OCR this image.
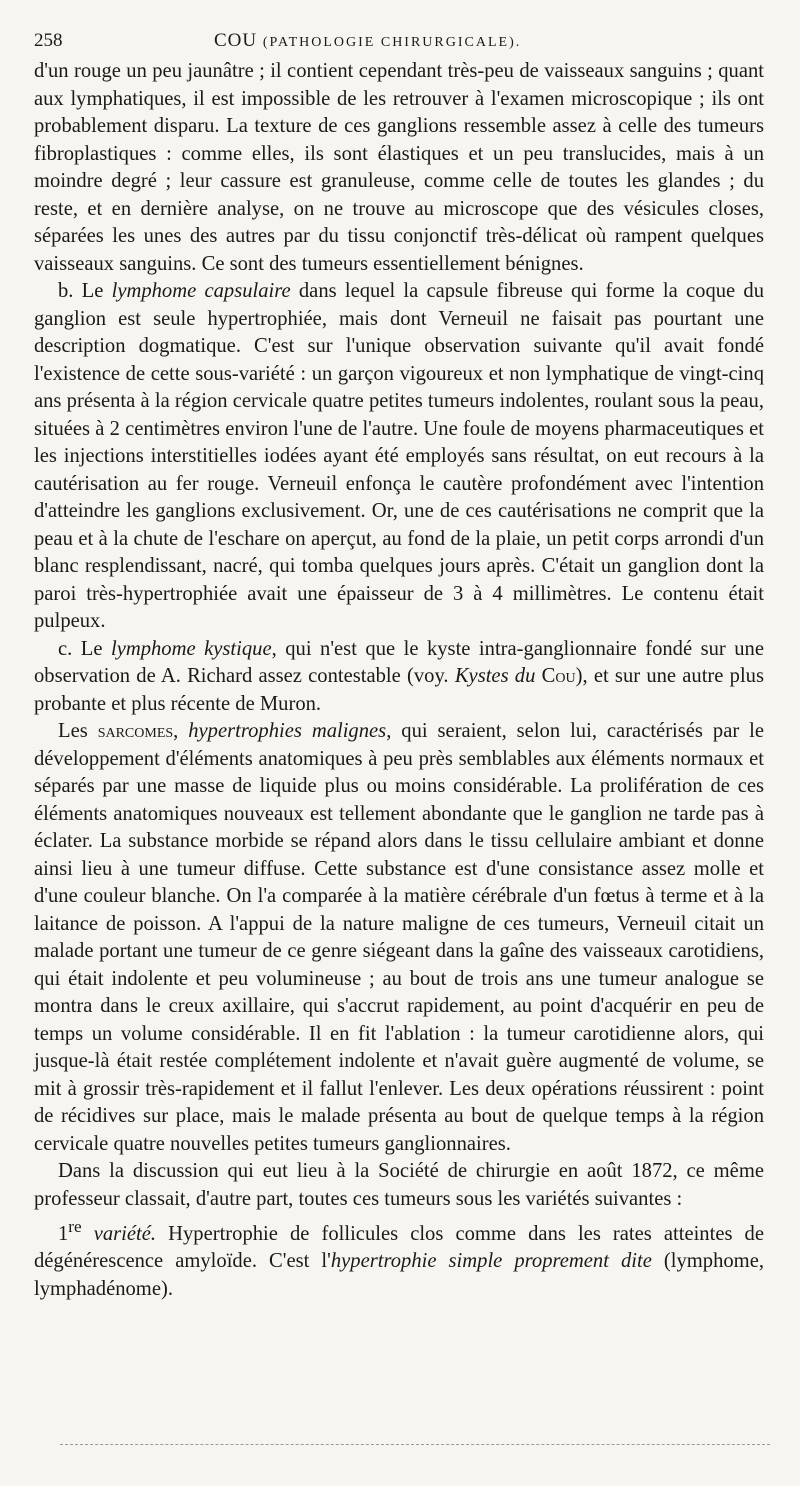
258	COU (PATHOLOGIE CHIRURGICALE).

d'un rouge un peu jaunâtre ; il contient cependant très-peu de vaisseaux sanguins ; quant aux lymphatiques, il est impossible de les retrouver à l'examen microscopique ; ils ont probablement disparu. La texture de ces ganglions ressemble assez à celle des tumeurs fibroplastiques : comme elles, ils sont élastiques et un peu translucides, mais à un moindre degré ; leur cassure est granuleuse, comme celle de toutes les glandes ; du reste, et en dernière analyse, on ne trouve au microscope que des vésicules closes, séparées les unes des autres par du tissu conjonctif très-délicat où rampent quelques vaisseaux sanguins. Ce sont des tumeurs essentiellement bénignes.

b. Le lymphome capsulaire dans lequel la capsule fibreuse qui forme la coque du ganglion est seule hypertrophiée, mais dont Verneuil ne faisait pas pourtant une description dogmatique. C'est sur l'unique observation suivante qu'il avait fondé l'existence de cette sous-variété : un garçon vigoureux et non lymphatique de vingt-cinq ans présenta à la région cervicale quatre petites tumeurs indolentes, roulant sous la peau, situées à 2 centimètres environ l'une de l'autre. Une foule de moyens pharmaceutiques et les injections interstitielles iodées ayant été employés sans résultat, on eut recours à la cautérisation au fer rouge. Verneuil enfonça le cautère profondément avec l'intention d'atteindre les ganglions exclusivement. Or, une de ces cautérisations ne comprit que la peau et à la chute de l'eschare on aperçut, au fond de la plaie, un petit corps arrondi d'un blanc resplendissant, nacré, qui tomba quelques jours après. C'était un ganglion dont la paroi très-hypertrophiée avait une épaisseur de 3 à 4 millimètres. Le contenu était pulpeux.

c. Le lymphome kystique, qui n'est que le kyste intra-ganglionnaire fondé sur une observation de A. Richard assez contestable (voy. Kystes du Cou), et sur une autre plus probante et plus récente de Muron.

Les sarcomes, hypertrophies malignes, qui seraient, selon lui, caractérisés par le développement d'éléments anatomiques à peu près semblables aux éléments normaux et séparés par une masse de liquide plus ou moins considérable. La prolifération de ces éléments anatomiques nouveaux est tellement abondante que le ganglion ne tarde pas à éclater. La substance morbide se répand alors dans le tissu cellulaire ambiant et donne ainsi lieu à une tumeur diffuse. Cette substance est d'une consistance assez molle et d'une couleur blanche. On l'a comparée à la matière cérébrale d'un fœtus à terme et à la laitance de poisson. A l'appui de la nature maligne de ces tumeurs, Verneuil citait un malade portant une tumeur de ce genre siégeant dans la gaîne des vaisseaux carotidiens, qui était indolente et peu volumineuse ; au bout de trois ans une tumeur analogue se montra dans le creux axillaire, qui s'accrut rapidement, au point d'acquérir en peu de temps un volume considérable. Il en fit l'ablation : la tumeur carotidienne alors, qui jusque-là était restée complétement indolente et n'avait guère augmenté de volume, se mit à grossir très-rapidement et il fallut l'enlever. Les deux opérations réussirent : point de récidives sur place, mais le malade présenta au bout de quelque temps à la région cervicale quatre nouvelles petites tumeurs ganglionnaires.

Dans la discussion qui eut lieu à la Société de chirurgie en août 1872, ce même professeur classait, d'autre part, toutes ces tumeurs sous les variétés suivantes :

1re variété. Hypertrophie de follicules clos comme dans les rates atteintes de dégénérescence amyloïde. C'est l'hypertrophie simple proprement dite (lymphome, lymphadénome).
